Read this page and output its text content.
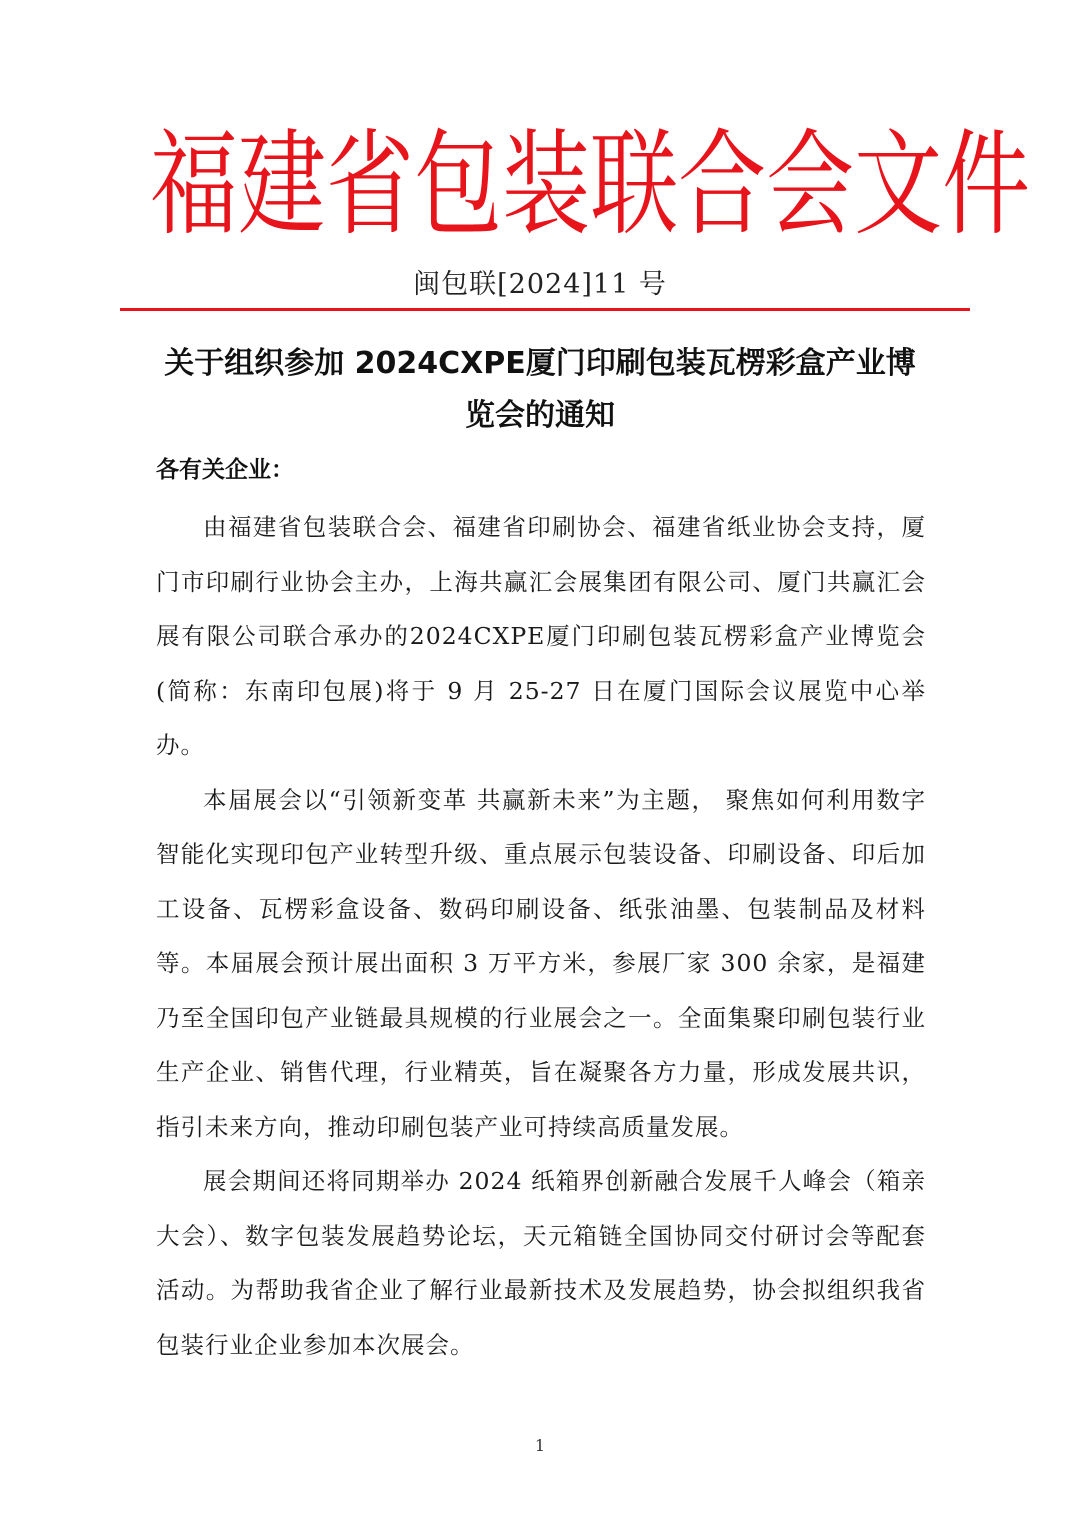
福 建 省 包 装 联 合 会 文 件
闽包联[2024]11 号
关于组织参加 2024CXPE厦门印刷包装瓦楞彩盒产业博览会的通知
各有关企业：

由福建省包装联合会、福建省印刷协会、福建省纸业协会支持，厦门市印刷行业协会主办，上海共赢汇会展集团有限公司、厦门共赢汇会展有限公司联合承办的2024CXPE厦门印刷包装瓦楞彩盒产业博览会(简称：东南印包展)将于 9 月 25-27 日在厦门国际会议展览中心举办。

本届展会以“引领新变革 共赢新未来”为主题， 聚焦如何利用数字智能化实现印包产业转型升级、重点展示包装设备、印刷设备、印后加工设备、瓦楞彩盒设备、数码印刷设备、纸张油墨、包装制品及材料等。本届展会预计展出面积 3 万平方米，参展厂家 300 余家，是福建乃至全国印包产业链最具规模的行业展会之一。全面集聚印刷包装行业生产企业、销售代理，行业精英，旨在凝聚各方力量，形成发展共识，指引未来方向，推动印刷包装产业可持续高质量发展。

展会期间还将同期举办 2024 纸箱界创新融合发展千人峰会（箱亲大会）、数字包装发展趋势论坛，天元箱链全国协同交付研讨会等配套活动。为帮助我省企业了解行业最新技术及发展趋势，协会拟组织我省包装行业企业参加本次展会。

1
